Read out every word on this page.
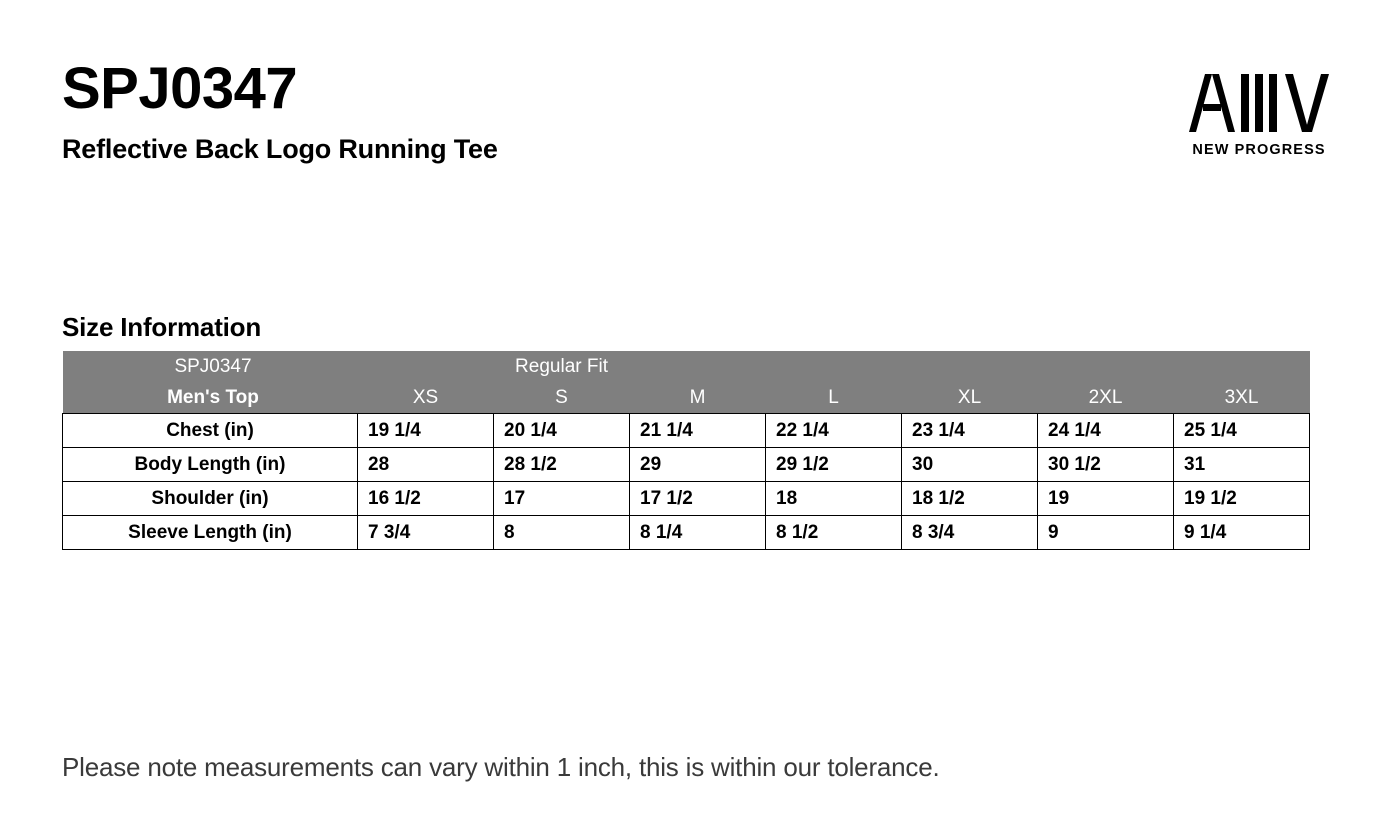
SPJ0347
Reflective Back Logo Running Tee	NEW PROGRESS
Size Information
SPJ0347	Regular Fit						
Men's Top	XS	S	M	L	XL	2XL	3XL
Chest (in)	19 1/4	20 1/4	21 1/4	22 1/4	23 1/4	24 1/4	25 1/4
Body Length (in)	28	28 1/2	29	29 1/2	30	30 1/2	31
Shoulder (in)	16 1/2	17	17 1/2	18	18 1/2	19	19 1/2
Sleeve Length (in)	7 3/4	8	8 1/4	8 1/2	8 3/4	9	9 1/4
Please note measurements can vary within 1 inch, this is within our tolerance.
